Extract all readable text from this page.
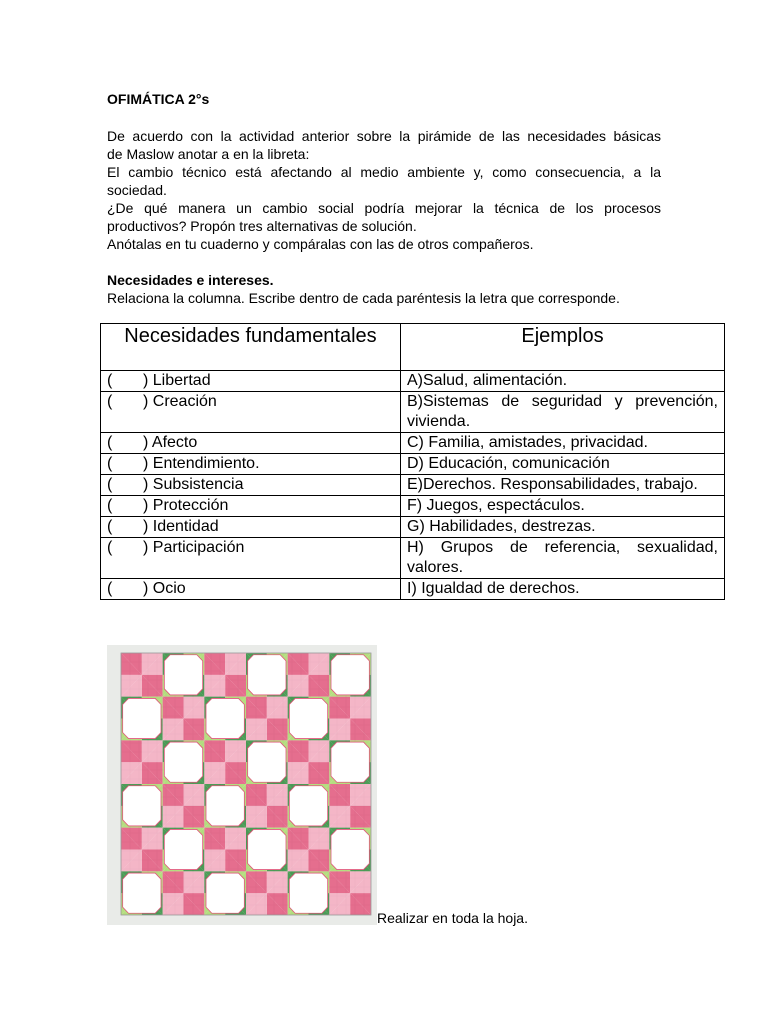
OFIMÁTICA 2°s

De acuerdo con la actividad anterior sobre la pirámide de las necesidades básicas
de Maslow anotar a en la libreta:
El cambio técnico está afectando al medio ambiente y, como consecuencia, a la
sociedad.
¿De qué manera un cambio social podría mejorar la técnica de los procesos
productivos? Propón tres alternativas de solución.
Anótalas en tu cuaderno y compáralas con las de otros compañeros.
Necesidades e intereses.
Relaciona la columna. Escribe dentro de cada paréntesis la letra que corresponde.
Necesidades fundamentales	Ejemplos
( ) Libertad	A)Salud, alimentación.
( ) Creación	B)Sistemas de seguridad y prevención, vivienda.
( ) Afecto	C) Familia, amistades, privacidad.
( ) Entendimiento.	D) Educación, comunicación
( ) Subsistencia	E)Derechos. Responsabilidades, trabajo.
( ) Protección	F) Juegos, espectáculos.
( ) Identidad	G) Habilidades, destrezas.
( ) Participación	H) Grupos de referencia, sexualidad, valores.
( ) Ocio	I) Igualdad de derechos.
Realizar en toda la hoja.
